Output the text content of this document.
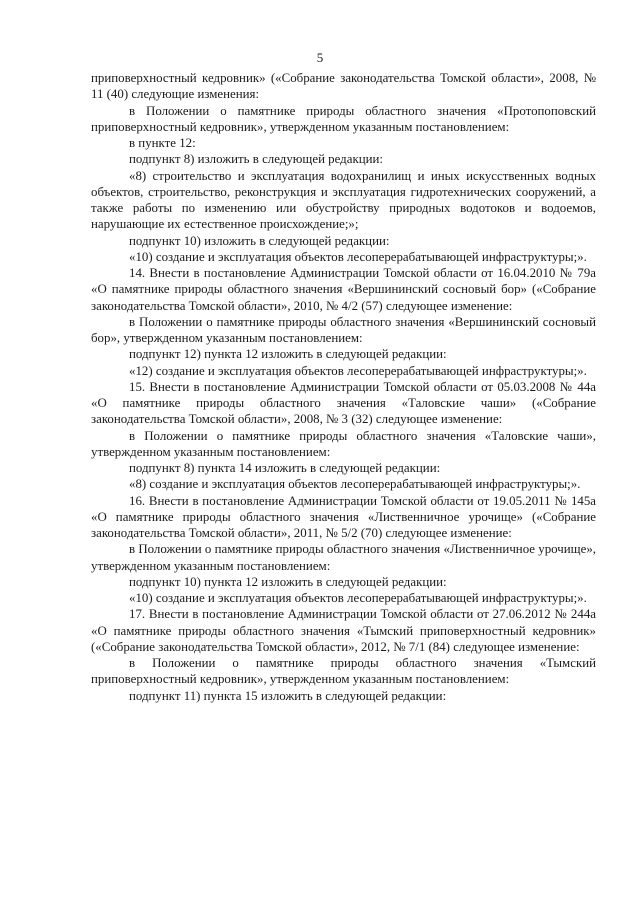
5

приповерхностный кедровник» («Собрание законодательства Томской области», 2008, № 11 (40) следующие изменения:

в Положении о памятнике природы областного значения «Протопоповский приповерхностный кедровник», утвержденном указанным постановлением:

в пункте 12:

подпункт 8) изложить в следующей редакции:

«8) строительство и эксплуатация водохранилищ и иных искусственных водных объектов, строительство, реконструкция и эксплуатация гидротехнических сооружений, а также работы по изменению или обустройству природных водотоков и водоемов, нарушающие их естественное происхождение;»;

подпункт 10) изложить в следующей редакции:

«10) создание и эксплуатация объектов лесоперерабатывающей инфраструктуры;».

14. Внести в постановление Администрации Томской области от 16.04.2010 № 79а «О памятнике природы областного значения «Вершининский сосновый бор» («Собрание законодательства Томской области», 2010, № 4/2 (57) следующее изменение:

в Положении о памятнике природы областного значения «Вершининский сосновый бор», утвержденном указанным постановлением:

подпункт 12) пункта 12 изложить в следующей редакции:

«12) создание и эксплуатация объектов лесоперерабатывающей инфраструктуры;».

15. Внести в постановление Администрации Томской области от 05.03.2008 № 44а «О памятнике природы областного значения «Таловские чаши» («Собрание законодательства Томской области», 2008, № 3 (32) следующее изменение:

в Положении о памятнике природы областного значения «Таловские чаши», утвержденном указанным постановлением:

подпункт 8) пункта 14 изложить в следующей редакции:

«8) создание и эксплуатация объектов лесоперерабатывающей инфраструктуры;».

16. Внести в постановление Администрации Томской области от 19.05.2011 № 145а «О памятнике природы областного значения «Лиственничное урочище» («Собрание законодательства Томской области», 2011, № 5/2 (70) следующее изменение:

в Положении о памятнике природы областного значения «Лиственничное урочище», утвержденном указанным постановлением:

подпункт 10) пункта 12 изложить в следующей редакции:

«10) создание и эксплуатация объектов лесоперерабатывающей инфраструктуры;».

17. Внести в постановление Администрации Томской области от 27.06.2012 № 244а «О памятнике природы областного значения «Тымский приповерхностный кедровник» («Собрание законодательства Томской области», 2012, № 7/1 (84) следующее изменение:

в Положении о памятнике природы областного значения «Тымский приповерхностный кедровник», утвержденном указанным постановлением:

подпункт 11) пункта 15 изложить в следующей редакции:
